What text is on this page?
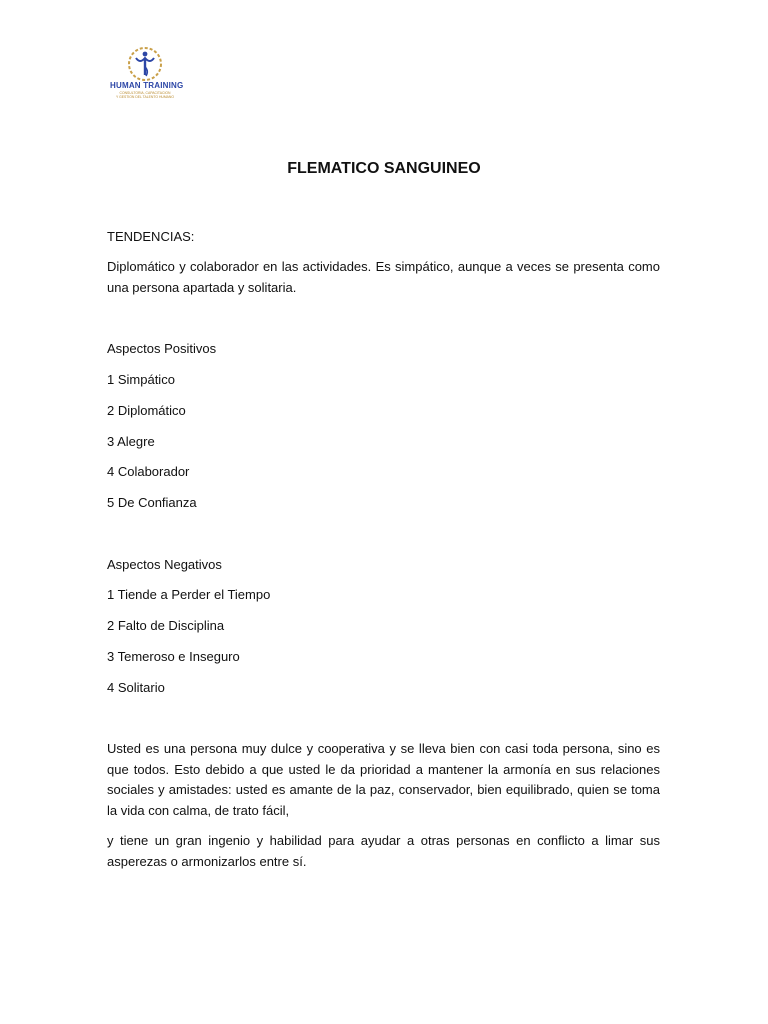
HUMAN TRAINING
CONSULTORIA, CAPACITACION
Y GESTION DEL TALENTO HUMANO
FLEMATICO SANGUINEO
TENDENCIAS:
Diplomático y colaborador en las actividades. Es simpático, aunque a veces se presenta como una persona apartada y solitaria.
Aspectos Positivos
1 Simpático
2 Diplomático
3 Alegre
4 Colaborador
5 De Confianza
Aspectos Negativos
1 Tiende a Perder el Tiempo
2 Falto de Disciplina
3 Temeroso e Inseguro
4 Solitario
Usted es una persona muy dulce y cooperativa y se lleva bien con casi toda persona, sino es que todos. Esto debido a que usted le da prioridad a mantener la armonía en sus relaciones sociales y amistades: usted es amante de la paz, conservador, bien equilibrado, quien se toma la vida con calma, de trato fácil,
y tiene un gran ingenio y habilidad para ayudar a otras personas en conflicto a limar sus asperezas o armonizarlos entre sí.
